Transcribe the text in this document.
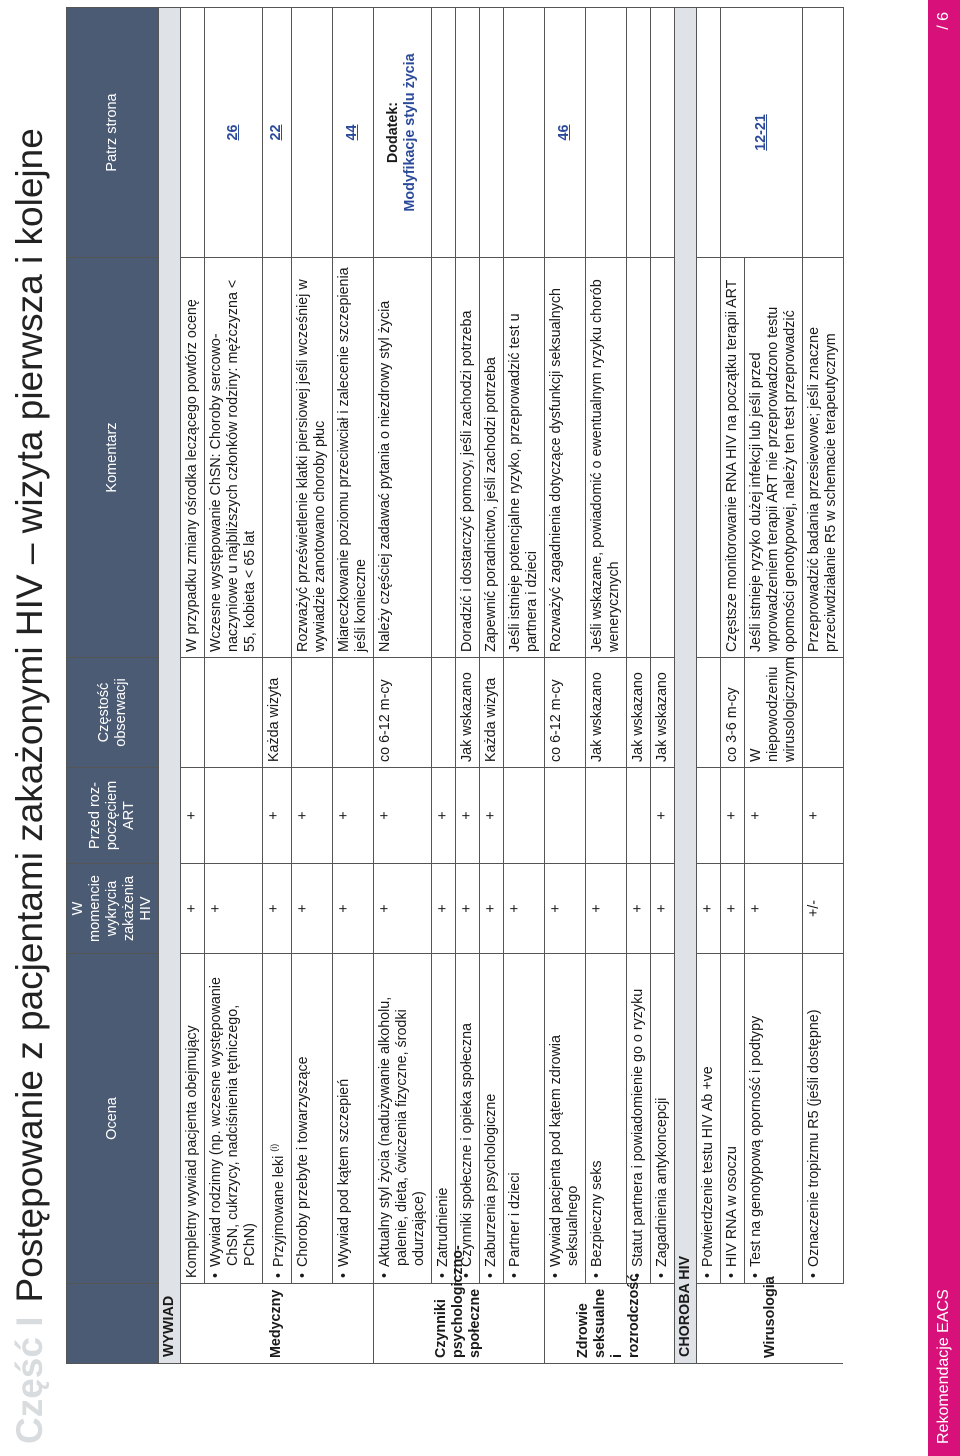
Część IPostępowanie z pacjentami zakażonymi HIV – wizyta pierwsza i kolejne
		Ocena	W momencie wykrycia zakażenia HIV	Przed roz-poczęciem ART	Częstość obserwacji	Komentarz	Patrz strona
WYWIAD						
Medyczny	Kompletny wywiad pacjenta obejmujący	+	+		W przypadku zmiany ośrodka leczącego powtórz ocenę	

	• Wywiad rodzinny (np. wczesne występowanie ChSN, cukrzycy, nadciśnienia tętniczego, PChN)	+			Wczesne występowanie ChSN: Choroby sercowo-naczyniowe u najbliższych członków rodziny: mężczyzna < 55, kobieta < 65 lat	26

	• Przyjmowane leki $^{(i)}$	+	+	Każda wizyta		22

	• Choroby przebyte i towarzyszące	+	+		Rozważyć prześwietlenie klatki piersiowej jeśli wcześniej w wywiadzie zanotowano choroby płuc	

	• Wywiad pod kątem szczepień	+	+		Miareczkowanie poziomu przeciwciał i zalecenie szczepienia jeśli konieczne	44
Czynniki psychologiczno-społeczne	• Aktualny styl życia (nadużywanie alkoholu, palenie, dieta, ćwiczenia fizyczne, środki odurzające)	+	+	co 6-12 m-cy	Należy częściej zadawać pytania o niezdrowy styl życia	Dodatek:
Modyfikacje stylu życia

	• Zatrudnienie	+	+			

	• Czynniki społeczne i opieka społeczna	+	+	Jak wskazano	Doradzić i dostarczyć pomocy, jeśli zachodzi potrzeba	

	• Zaburzenia psychologiczne	+	+	Każda wizyta	Zapewnić poradnictwo, jeśli zachodzi potrzeba	

	• Partner i dzieci	+			Jeśli istnieje potencjalne ryzyko, przeprowadzić test u partnera i dzieci	
Zdrowie seksualne i rozrodczość	• Wywiad pacjenta pod kątem zdrowia seksualnego	+		co 6-12 m-cy	Rozważyć zagadnienia dotyczące dysfunkcji seksualnych	46

	• Bezpieczny seks	+		Jak wskazano	Jeśli wskazane, powiadomić o ewentualnym ryzyku chorób wenerycznych	

	• Statut partnera i powiadomienie go o ryzyku	+		Jak wskazano		

	• Zagadnienia antykoncepcji	+	+	Jak wskazano		
CHOROBA HIV						
Wirusologia	• Potwierdzenie testu HIV Ab +ve	+				

	• HIV RNA w osoczu	+	+	co 3-6 m-cy	Częstsze monitorowanie RNA HIV na początku terapii ART	12-21

	• Test na genotypową oporność i podtypy	+	+	W niepowodzeniu wirusologicznym	Jeśli istnieje ryzyko dużej infekcji lub jeśli przed wprowadzeniem terapii ART nie przeprowadzono testu opomości genotypowej, należy ten test przeprowadzić	

	• Oznaczenie tropizmu R5 (jeśli dostępne)	+/-	+		Przeprowadzić badania przesiewowe; jeśli znaczne przeciwdziałanie R5 w schemacie terapeutycznym	
Rekomendacje EACS
/ 6
